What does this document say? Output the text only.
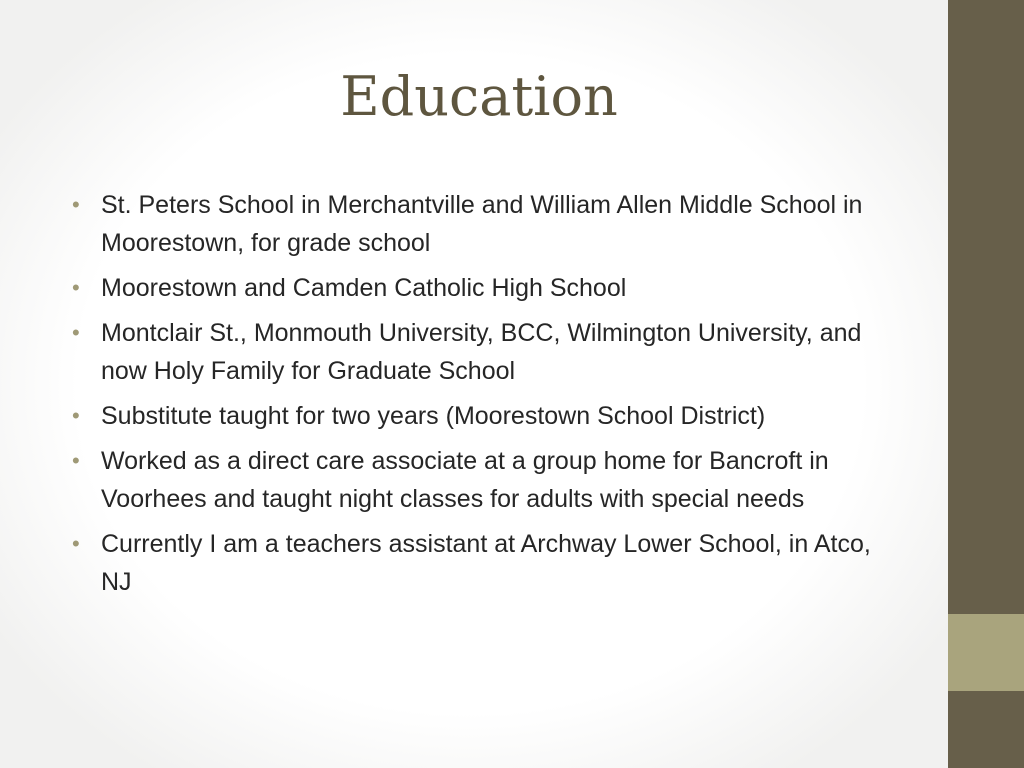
Education
• St. Peters School in Merchantville and William Allen Middle School in Moorestown, for grade school
• Moorestown and Camden Catholic High School
• Montclair St., Monmouth University, BCC, Wilmington University, and now Holy Family for Graduate School
• Substitute taught for two years (Moorestown School District)
• Worked as a direct care associate at a group home for Bancroft in Voorhees and taught night classes for adults with special needs
• Currently I am a teachers assistant at Archway Lower School, in Atco, NJ
